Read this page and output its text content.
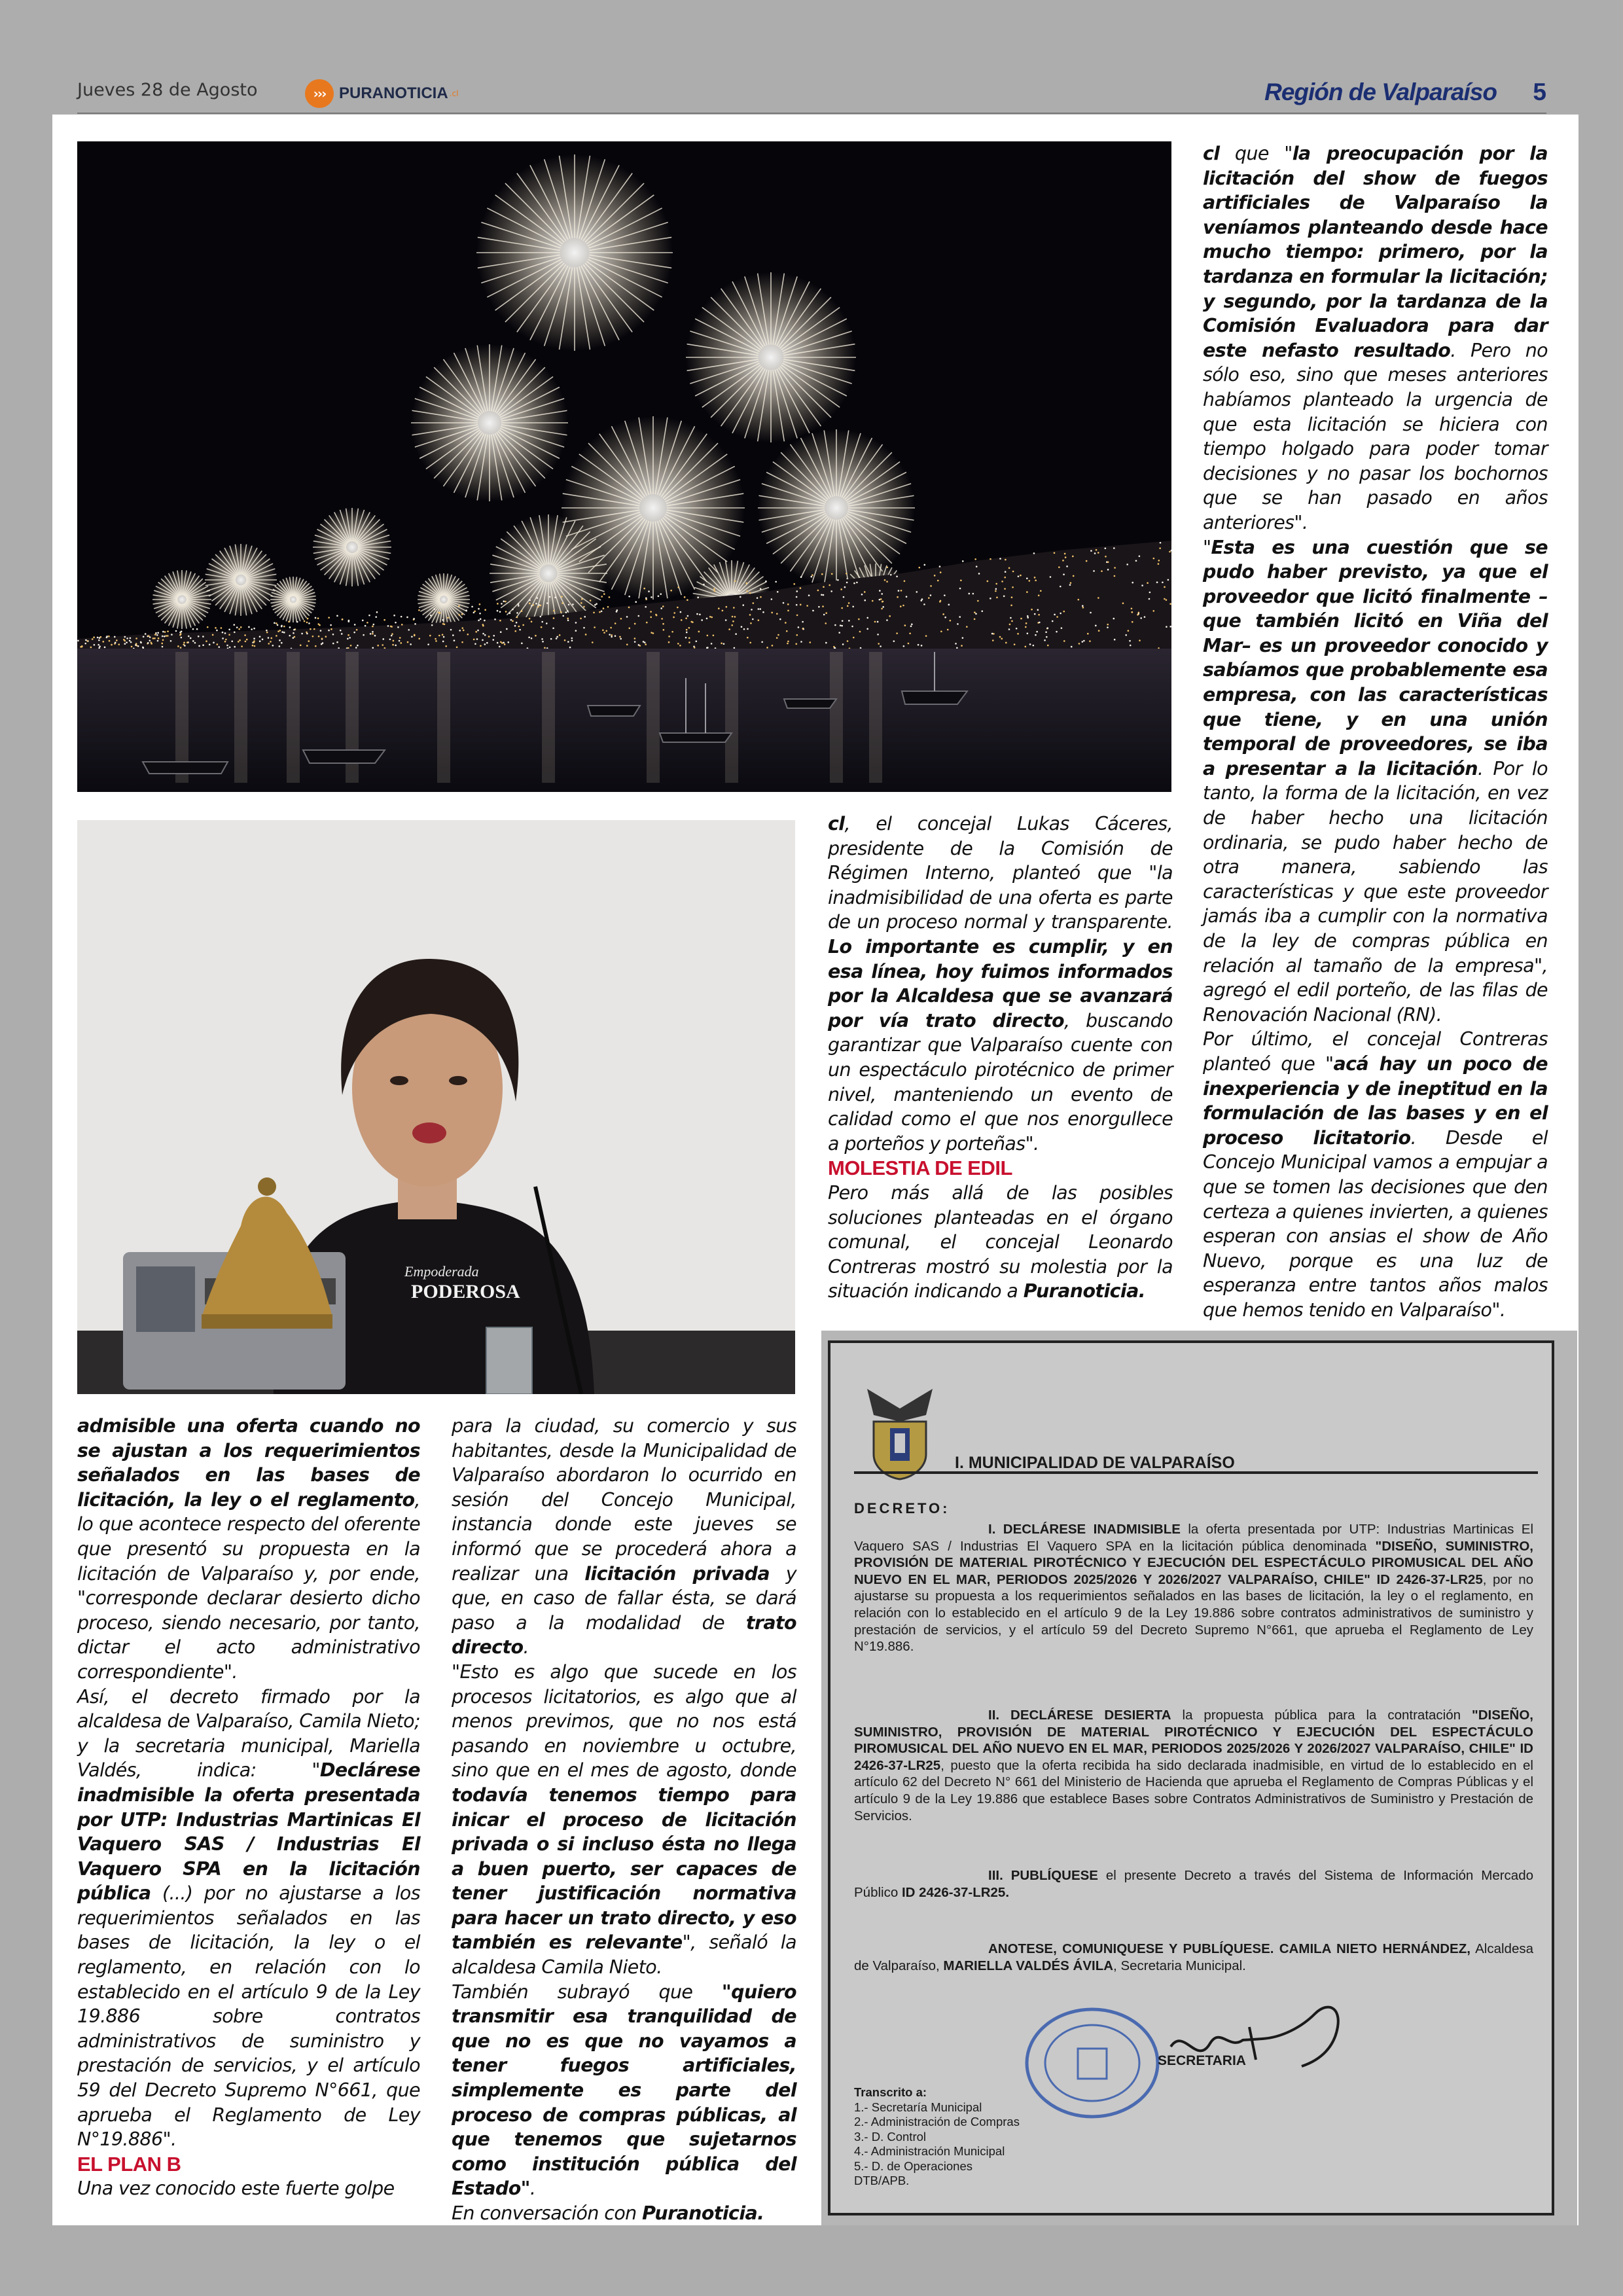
Jueves 28 de Agosto	››› PURANOTICIA .cl	Región de Valparaíso 5
Empoderada
PODEROSA

cl que "la preocupación por la licitación del show de fuegos artificiales de Valparaíso la veníamos planteando desde hace mucho tiempo: primero, por la tardanza en formular la licitación; y segundo, por la tardanza de la Comisión Evaluadora para dar este nefasto resultado. Pero no sólo eso, sino que meses anteriores habíamos planteado la urgencia de que esta licitación se hiciera con tiempo holgado para poder tomar decisiones y no pasar los bochornos que se han pasado en años anteriores".

"Esta es una cuestión que se pudo haber previsto, ya que el proveedor que licitó finalmente –que también licitó en Viña del Mar– es un proveedor conocido y sabíamos que probablemente esa empresa, con las características que tiene, y en una unión temporal de proveedores, se iba a presentar a la licitación. Por lo tanto, la forma de la licitación, en vez de haber hecho una licitación ordinaria, se pudo haber hecho de otra manera, sabiendo las características y que este proveedor jamás iba a cumplir con la normativa de la ley de compras pública en relación al tamaño de la empresa", agregó el edil porteño, de las filas de Renovación Nacional (RN).

Por último, el concejal Contreras planteó que "acá hay un poco de inexperiencia y de ineptitud en la formulación de las bases y en el proceso licitatorio. Desde el Concejo Municipal vamos a empujar a que se tomen las decisiones que den certeza a quienes invierten, a quienes esperan con ansias el show de Año Nuevo, porque es una luz de esperanza entre tantos años malos que hemos tenido en Valparaíso".

cl, el concejal Lukas Cáceres, presidente de la Comisión de Régimen Interno, planteó que "la inadmisibilidad de una oferta es parte de un proceso normal y transparente. Lo importante es cumplir, y en esa línea, hoy fuimos informados por la Alcaldesa que se avanzará por vía trato directo, buscando garantizar que Valparaíso cuente con un espectáculo pirotécnico de primer nivel, manteniendo un evento de calidad como el que nos enorgullece a porteños y porteñas".

MOLESTIA DE EDIL

Pero más allá de las posibles soluciones planteadas en el órgano comunal, el concejal Leonardo Contreras mostró su molestia por la situación indicando a Puranoticia.

admisible una oferta cuando no se ajustan a los requerimientos señalados en las bases de licitación, la ley o el reglamento, lo que acontece respecto del oferente que presentó su propuesta en la licitación de Valparaíso y, por ende, "corresponde declarar desierto dicho proceso, siendo necesario, por tanto, dictar el acto administrativo correspondiente".

Así, el decreto firmado por la alcaldesa de Valparaíso, Camila Nieto; y la secretaria municipal, Mariella Valdés, indica: "Declárese inadmisible la oferta presentada por UTP: Industrias Martinicas El Vaquero SAS / Industrias El Vaquero SPA en la licitación pública (...) por no ajustarse a los requerimientos señalados en las bases de licitación, la ley o el reglamento, en relación con lo establecido en el artículo 9 de la Ley 19.886 sobre contratos administrativos de suministro y prestación de servicios, y el artículo 59 del Decreto Supremo N°661, que aprueba el Reglamento de Ley N°19.886".

EL PLAN B

Una vez conocido este fuerte golpe

para la ciudad, su comercio y sus habitantes, desde la Municipalidad de Valparaíso abordaron lo ocurrido en sesión del Concejo Municipal, instancia donde este jueves se informó que se procederá ahora a realizar una licitación privada y que, en caso de fallar ésta, se dará paso a la modalidad de trato directo.

"Esto es algo que sucede en los procesos licitatorios, es algo que al menos previmos, que no nos está pasando en noviembre u octubre, sino que en el mes de agosto, donde todavía tenemos tiempo para inicar el proceso de licitación privada o si incluso ésta no llega a buen puerto, ser capaces de tener justificación normativa para hacer un trato directo, y eso también es relevante", señaló la alcaldesa Camila Nieto.

También subrayó que "quiero transmitir esa tranquilidad de que no es que no vayamos a tener fuegos artificiales, simplemente es parte del proceso de compras públicas, al que tenemos que sujetarnos como institución pública del Estado".

En conversación con Puranoticia.

I. MUNICIPALIDAD DE VALPARAÍSO
DECRETO:
I. DECLÁRESE INADMISIBLE la oferta presentada por UTP: Industrias Martinicas El Vaquero SAS / Industrias El Vaquero SPA en la licitación pública denominada "DISEÑO, SUMINISTRO, PROVISIÓN DE MATERIAL PIROTÉCNICO Y EJECUCIÓN DEL ESPECTÁCULO PIROMUSICAL DEL AÑO NUEVO EN EL MAR, PERIODOS 2025/2026 Y 2026/2027 VALPARAÍSO, CHILE" ID 2426-37-LR25, por no ajustarse su propuesta a los requerimientos señalados en las bases de licitación, la ley o el reglamento, en relación con lo establecido en el artículo 9 de la Ley 19.886 sobre contratos administrativos de suministro y prestación de servicios, y el artículo 59 del Decreto Supremo N°661, que aprueba el Reglamento de Ley N°19.886.
II. DECLÁRESE DESIERTA la propuesta pública para la contratación "DISEÑO, SUMINISTRO, PROVISIÓN DE MATERIAL PIROTÉCNICO Y EJECUCIÓN DEL ESPECTÁCULO PIROMUSICAL DEL AÑO NUEVO EN EL MAR, PERIODOS 2025/2026 Y 2026/2027 VALPARAÍSO, CHILE" ID 2426-37-LR25, puesto que la oferta recibida ha sido declarada inadmisible, en virtud de lo establecido en el artículo 62 del Decreto N° 661 del Ministerio de Hacienda que aprueba el Reglamento de Compras Públicas y el artículo 9 de la Ley 19.886 que establece Bases sobre Contratos Administrativos de Suministro y Prestación de Servicios.
III. PUBLÍQUESE el presente Decreto a través del Sistema de Información Mercado Público ID 2426-37-LR25.
ANOTESE, COMUNIQUESE Y PUBLÍQUESE. CAMILA NIETO HERNÁNDEZ, Alcaldesa de Valparaíso, MARIELLA VALDÉS ÁVILA, Secretaria Municipal.
SECRETARIA
Transcrito a:
1.- Secretaría Municipal
2.- Administración de Compras
3.- D. Control
4.- Administración Municipal
5.- D. de Operaciones
DTB/APB.
